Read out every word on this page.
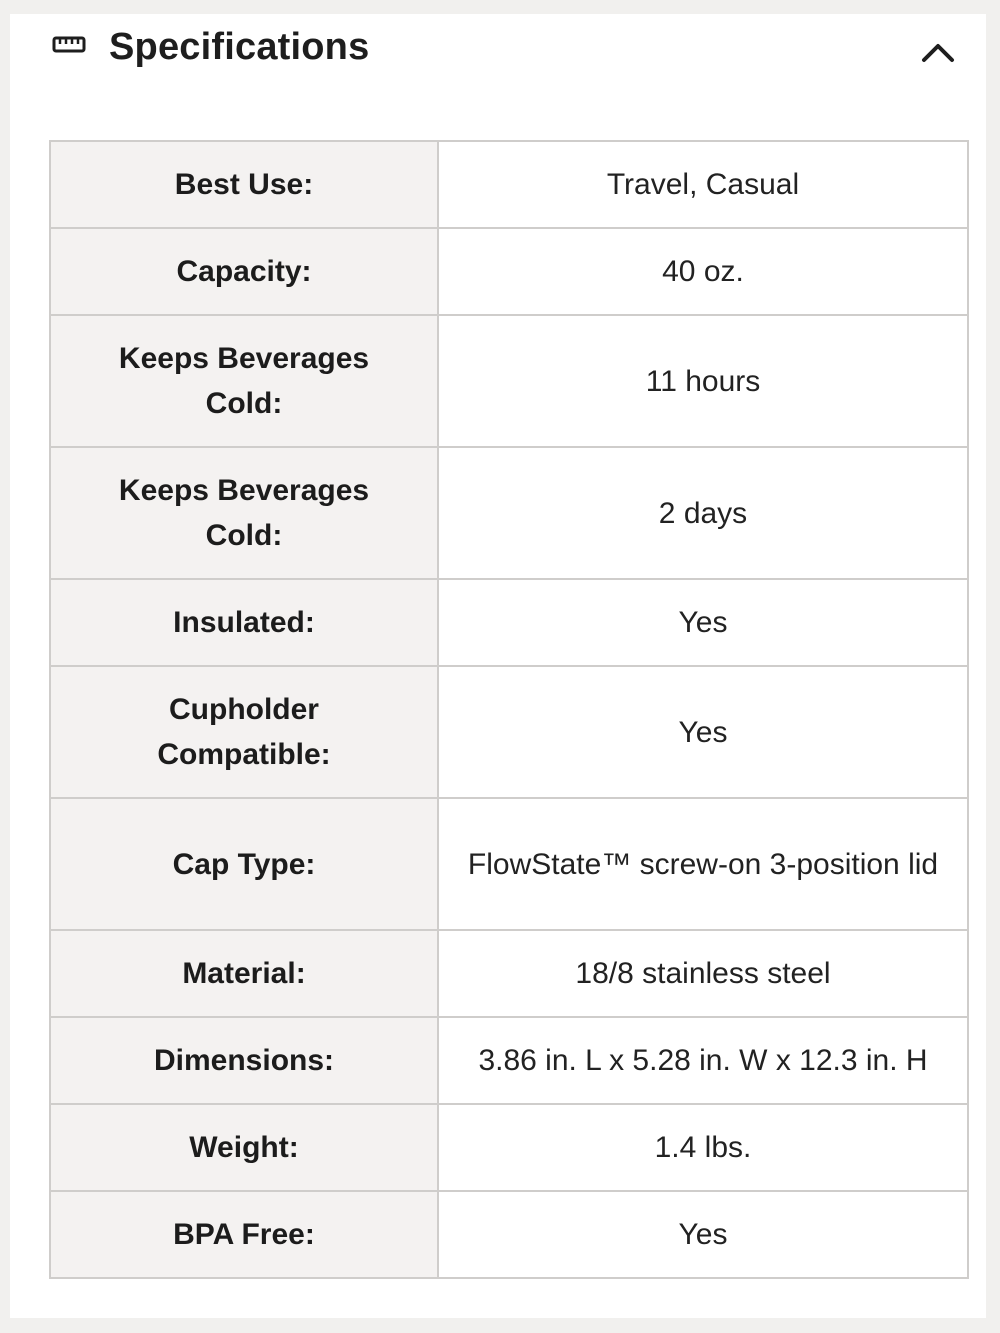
Specifications
Best Use:	Travel, Casual
Capacity:	40 oz.
Keeps Beverages Cold:	11 hours
Keeps Beverages Cold:	2 days
Insulated:	Yes
Cupholder Compatible:	Yes
Cap Type:	FlowState™ screw-on 3-position lid
Material:	18/8 stainless steel
Dimensions:	3.86 in. L x 5.28 in. W x 12.3 in. H
Weight:	1.4 lbs.
BPA Free:	Yes
